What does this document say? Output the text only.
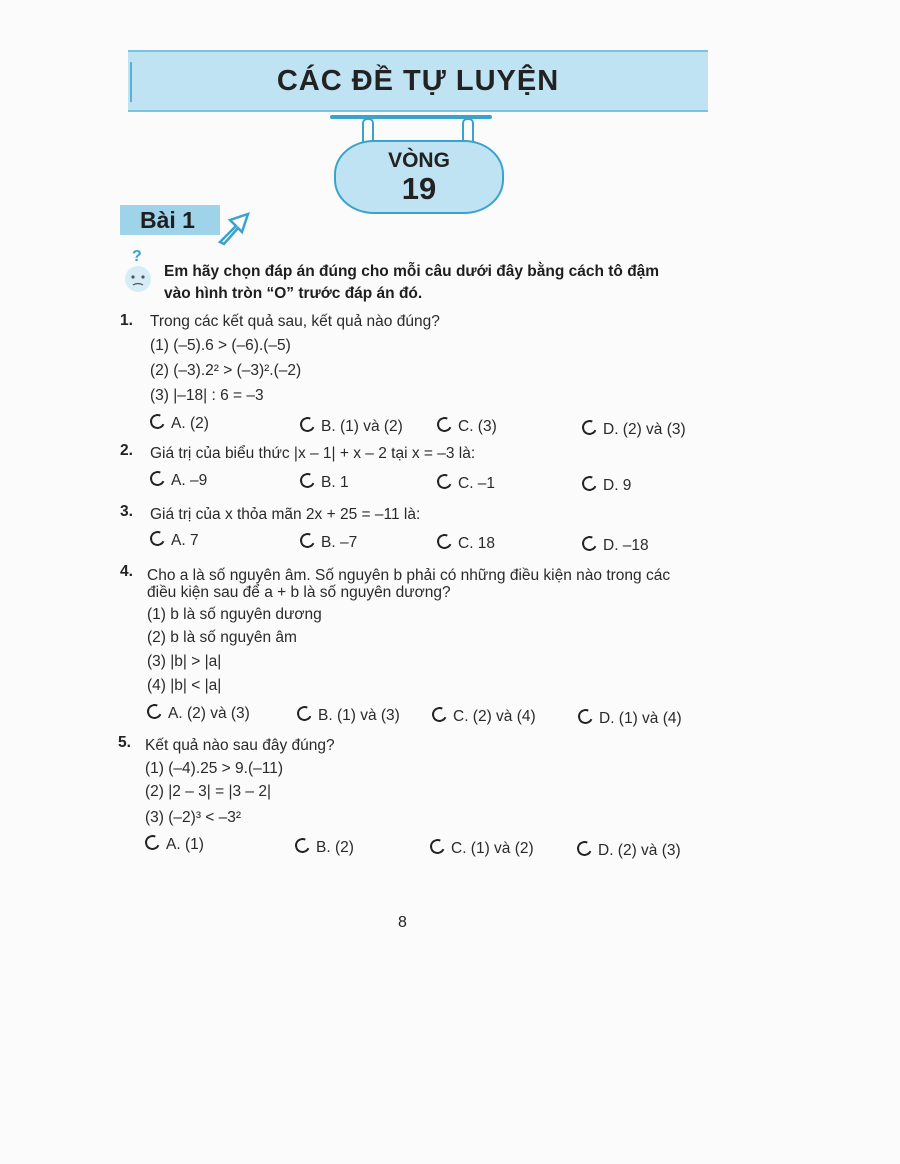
CÁC ĐỀ TỰ LUYỆN
VÒNG
19
Bài 1
?
Em hãy chọn đáp án đúng cho mỗi câu dưới đây bằng cách tô đậm
vào hình tròn “O” trước đáp án đó.
1. Trong các kết quả sau, kết quả nào đúng?
(1) (–5).6 > (–6).(–5)
(2) (–3).2² > (–3)².(–2)
(3) |–18| : 6 = –3
A. (2)	B. (1) và (2)	C. (3)	D. (2) và (3)
2. Giá trị của biểu thức |x – 1| + x – 2 tại x = –3 là:
A. –9	B. 1	C. –1	D. 9
3. Giá trị của x thỏa mãn 2x + 25 = –11 là:
A. 7	B. –7	C. 18	D. –18
4. Cho a là số nguyên âm. Số nguyên b phải có những điều kiện nào trong các
điều kiện sau để a + b là số nguyên dương?
(1) b là số nguyên dương
(2) b là số nguyên âm
(3) |b| > |a|
(4) |b| < |a|
A. (2) và (3)	B. (1) và (3)	C. (2) và (4)	D. (1) và (4)
5. Kết quả nào sau đây đúng?
(1) (–4).25 > 9.(–11)
(2) |2 – 3| = |3 – 2|
(3) (–2)³ < –3²
A. (1)	B. (2)	C. (1) và (2)	D. (2) và (3)
8
